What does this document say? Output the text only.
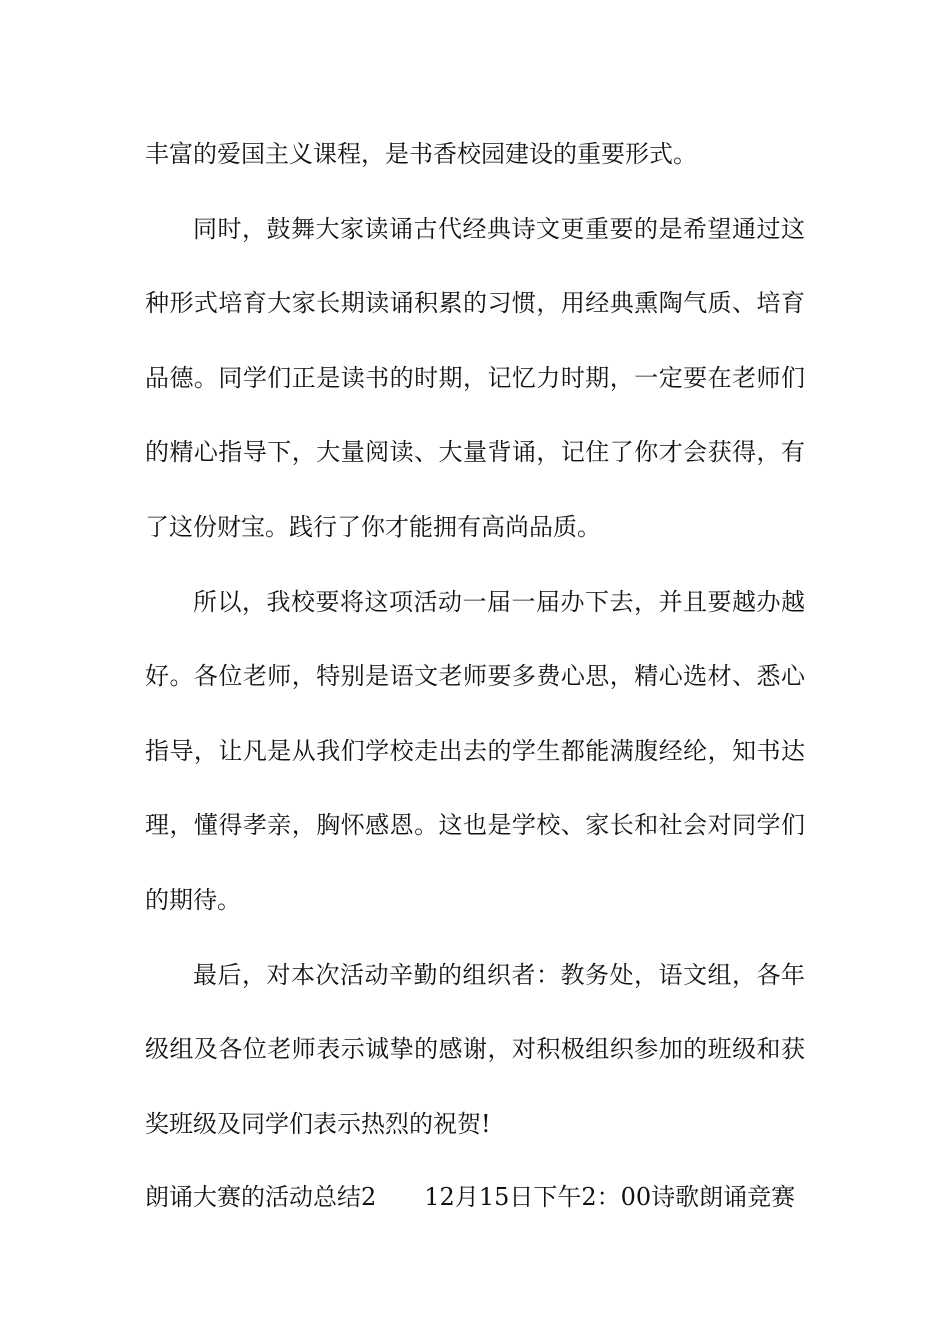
丰富的爱国主义课程，是书香校园建设的重要形式。

同时，鼓舞大家读诵古代经典诗文更重要的是希望通过这种形式培育大家长期读诵积累的习惯，用经典熏陶气质、培育品德。同学们正是读书的时期，记忆力时期，一定要在老师们的精心指导下，大量阅读、大量背诵，记住了你才会获得，有了这份财宝。践行了你才能拥有高尚品质。

所以，我校要将这项活动一届一届办下去，并且要越办越好。各位老师，特别是语文老师要多费心思，精心选材、悉心指导，让凡是从我们学校走出去的学生都能满腹经纶，知书达理，懂得孝亲，胸怀感恩。这也是学校、家长和社会对同学们的期待。

最后，对本次活动辛勤的组织者：教务处，语文组，各年级组及各位老师表示诚挚的感谢，对积极组织参加的班级和获奖班级及同学们表示热烈的祝贺!

朗诵大赛的活动总结2 12月15日下午2：00诗歌朗诵竞赛
